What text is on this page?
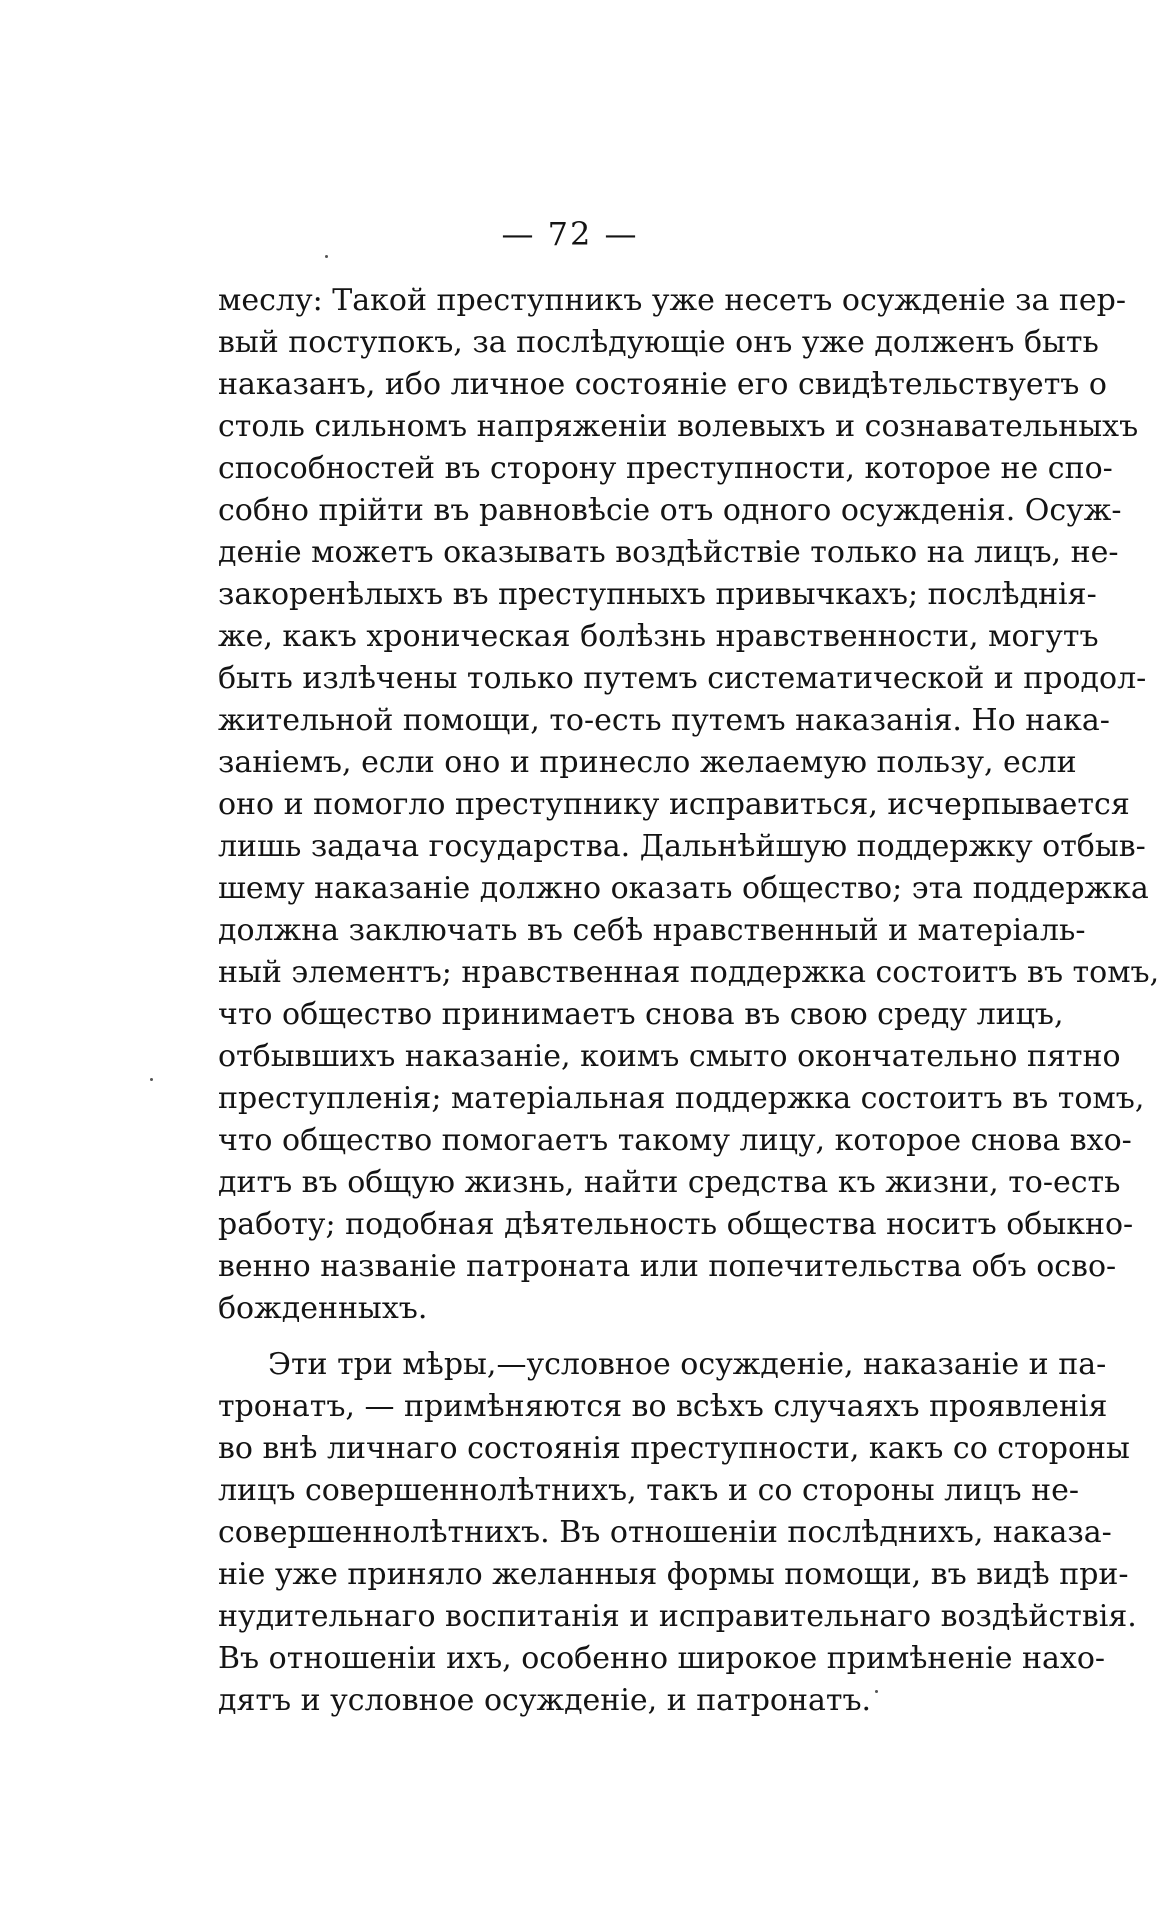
— 72 —
меслу: Такой преступникъ уже несетъ осужденіе за пер-
вый поступокъ, за послѣдующіе онъ уже долженъ быть
наказанъ, ибо личное состояніе его свидѣтельствуетъ о
столь сильномъ напряженіи волевыхъ и сознавательныхъ
способностей въ сторону преступности, которое не спо-
собно прійти въ равновѣсіе отъ одного осужденія. Осуж-
деніе можетъ оказывать воздѣйствіе только на лицъ, не-
закоренѣлыхъ въ преступныхъ привычкахъ; послѣднія-
же, какъ хроническая болѣзнь нравственности, могутъ
быть излѣчены только путемъ систематической и продол-
жительной помощи, то-есть путемъ наказанія. Но нака-
заніемъ, если оно и принесло желаемую пользу, если
оно и помогло преступнику исправиться, исчерпывается
лишь задача государства. Дальнѣйшую поддержку отбыв-
шему наказаніе должно оказать общество; эта поддержка
должна заключать въ себѣ нравственный и матеріаль-
ный элементъ; нравственная поддержка состоитъ въ томъ,
что общество принимаетъ снова въ свою среду лицъ,
отбывшихъ наказаніе, коимъ смыто окончательно пятно
преступленія; матеріальная поддержка состоитъ въ томъ,
что общество помогаетъ такому лицу, которое снова вхо-
дитъ въ общую жизнь, найти средства къ жизни, то-есть
работу; подобная дѣятельность общества носитъ обыкно-
венно названіе патроната или попечительства объ осво-
божденныхъ.
Эти три мѣры,—условное осужденіе, наказаніе и па-
тронатъ, — примѣняются во всѣхъ случаяхъ проявленія
во внѣ личнаго состоянія преступности, какъ со стороны
лицъ совершеннолѣтнихъ, такъ и со стороны лицъ не-
совершеннолѣтнихъ. Въ отношеніи послѣднихъ, наказа-
ніе уже приняло желанныя формы помощи, въ видѣ при-
нудительнаго воспитанія и исправительнаго воздѣйствія.
Въ отношеніи ихъ, особенно широкое примѣненіе нахо-
дятъ и условное осужденіе, и патронатъ.
